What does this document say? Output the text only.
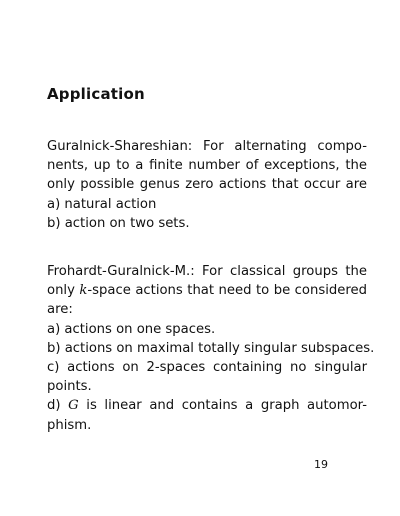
Application
Guralnick-Shareshian: For alternating compo-
nents, up to a finite number of exceptions, the
only possible genus zero actions that occur are
a) natural action
b) action on two sets.
Frohardt-Guralnick-M.: For classical groups the
only k-space actions that need to be considered
are:
a) actions on one spaces.
b) actions on maximal totally singular subspaces.
c) actions on 2-spaces containing no singular
points.
d) G is linear and contains a graph automor-
phism.
19
